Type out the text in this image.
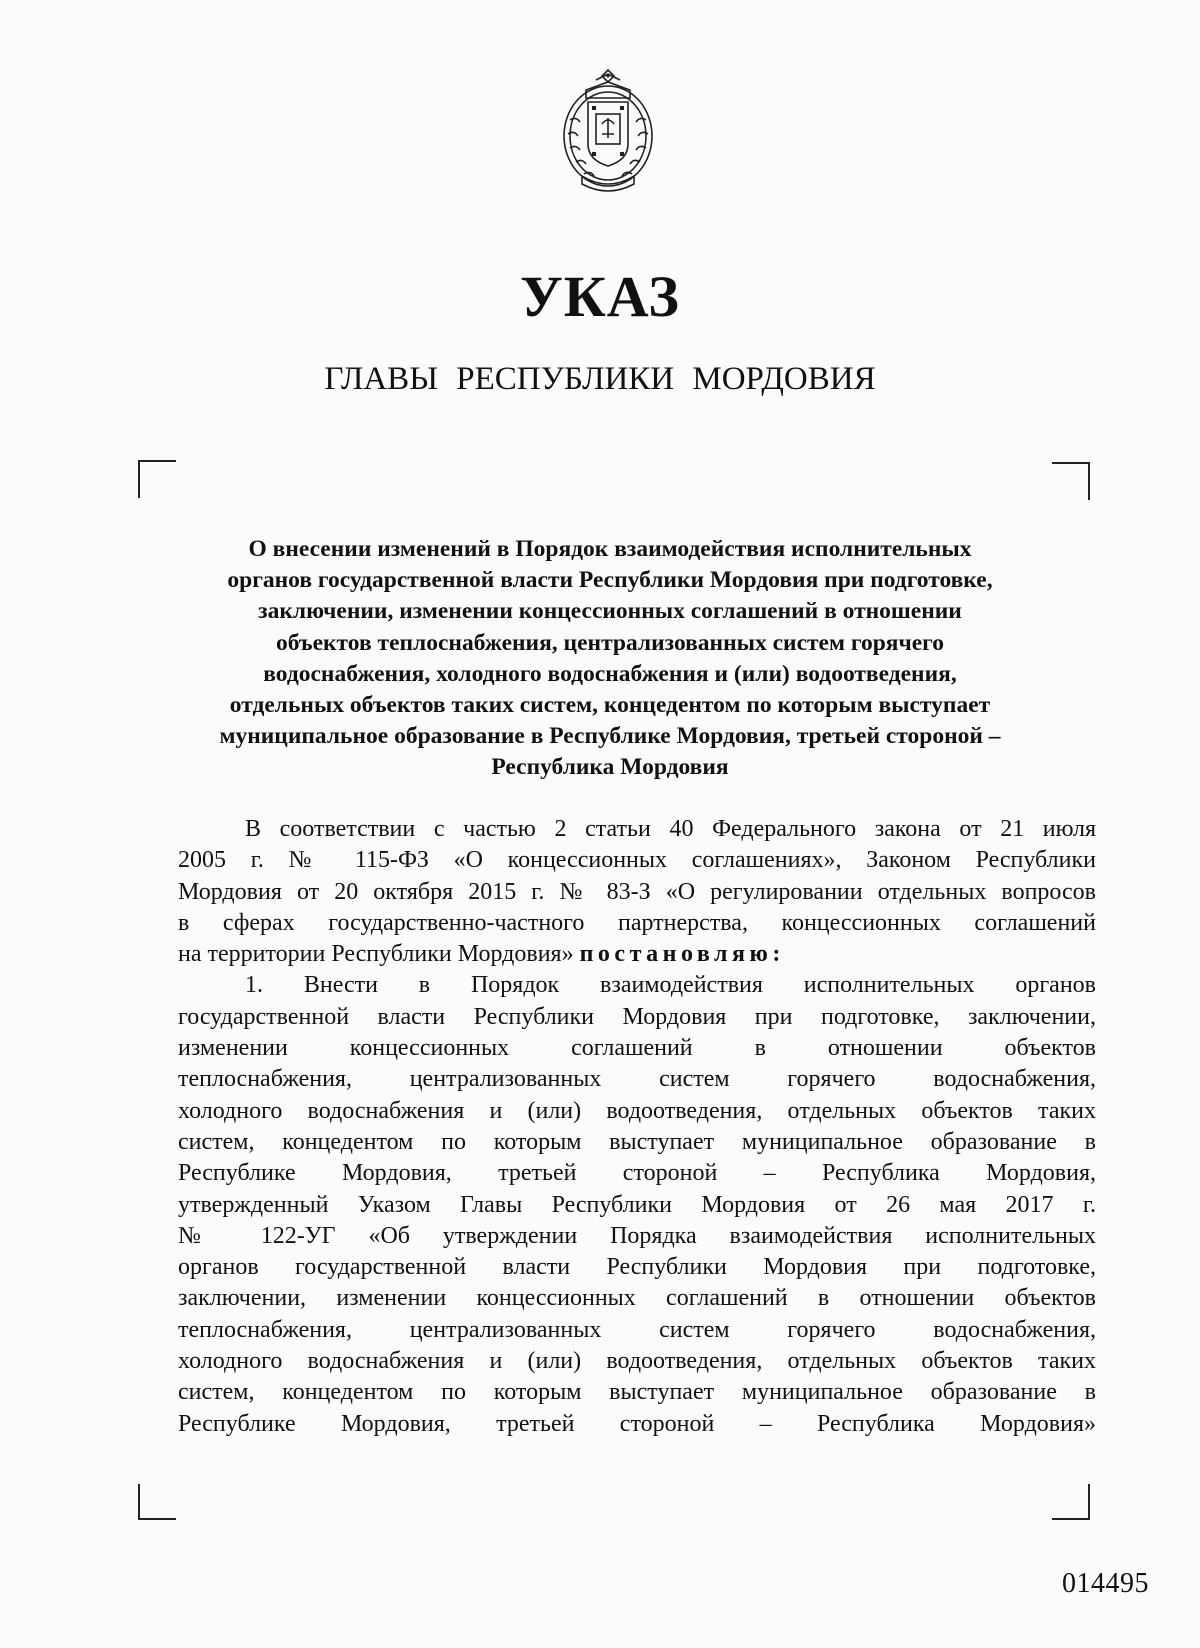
УКАЗ
ГЛАВЫ РЕСПУБЛИКИ МОРДОВИЯ
О внесении изменений в Порядок взаимодействия исполнительных
органов государственной власти Республики Мордовия при подготовке,
заключении, изменении концессионных соглашений в отношении
объектов теплоснабжения, централизованных систем горячего
водоснабжения, холодного водоснабжения и (или) водоотведения,
отдельных объектов таких систем, концедентом по которым выступает
муниципальное образование в Республике Мордовия, третьей стороной –
Республика Мордовия
В соответствии с частью 2 статьи 40 Федерального закона от 21 июля
2005 г. № 115-ФЗ «О концессионных соглашениях», Законом Республики
Мордовия от 20 октября 2015 г. № 83-З «О регулировании отдельных вопросов
в сферах государственно-частного партнерства, концессионных соглашений
на территории Республики Мордовия» постановляю:
1. Внести в Порядок взаимодействия исполнительных органов
государственной власти Республики Мордовия при подготовке, заключении,
изменении концессионных соглашений в отношении объектов
теплоснабжения, централизованных систем горячего водоснабжения,
холодного водоснабжения и (или) водоотведения, отдельных объектов таких
систем, концедентом по которым выступает муниципальное образование в
Республике Мордовия, третьей стороной – Республика Мордовия,
утвержденный Указом Главы Республики Мордовия от 26 мая 2017 г.
№ 122-УГ «Об утверждении Порядка взаимодействия исполнительных
органов государственной власти Республики Мордовия при подготовке,
заключении, изменении концессионных соглашений в отношении объектов
теплоснабжения, централизованных систем горячего водоснабжения,
холодного водоснабжения и (или) водоотведения, отдельных объектов таких
систем, концедентом по которым выступает муниципальное образование в
Республике Мордовия, третьей стороной – Республика Мордовия»
014495
